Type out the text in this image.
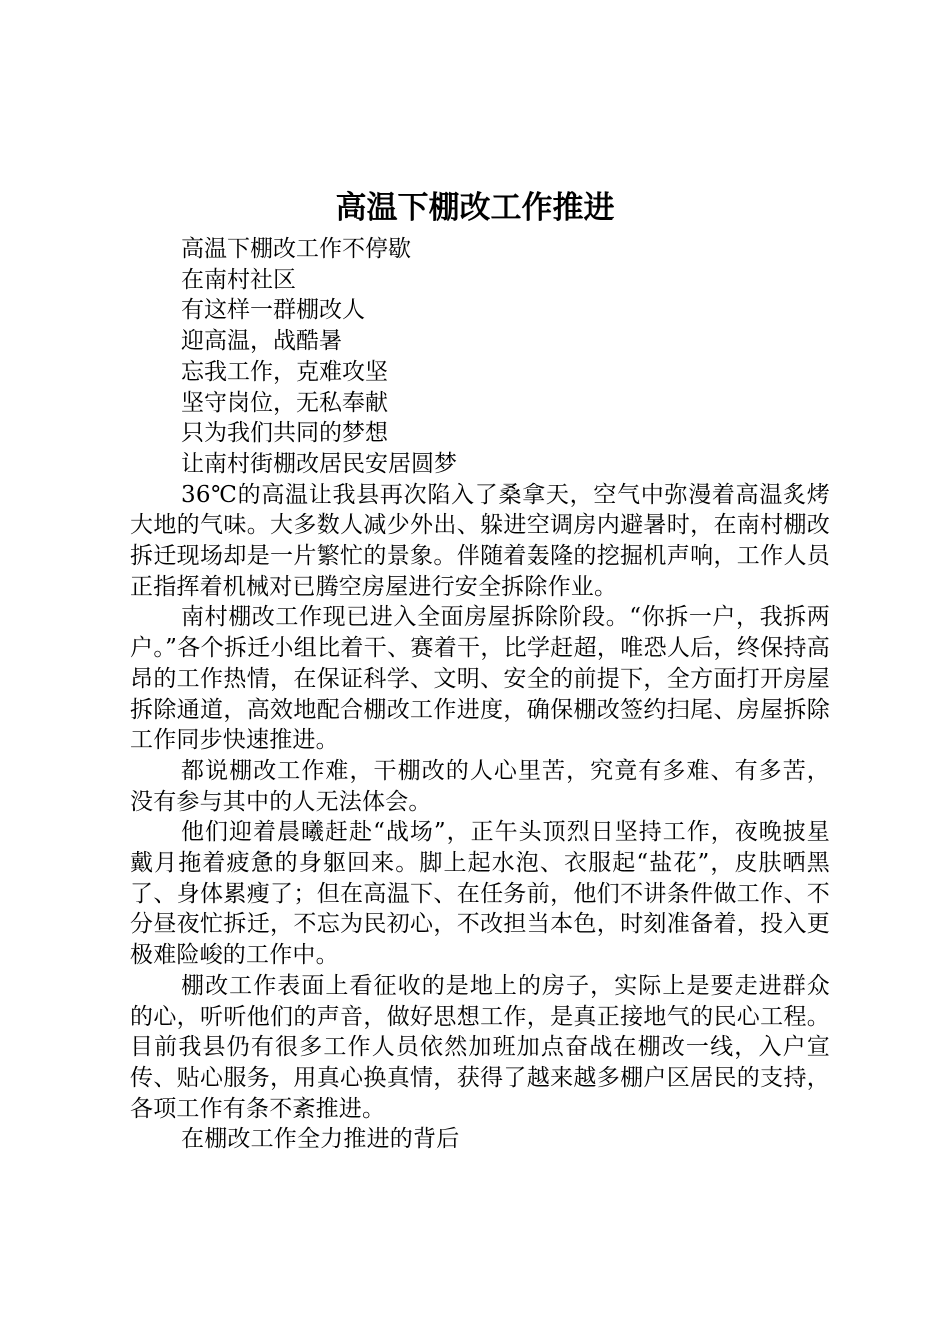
高温下棚改工作推进

高温下棚改工作不停歇

在南村社区

有这样一群棚改人

迎高温，战酷暑

忘我工作，克难攻坚

坚守岗位，无私奉献

只为我们共同的梦想

让南村街棚改居民安居圆梦

36℃的高温让我县再次陷入了桑拿天，空气中弥漫着高温炙烤大地的气味。大多数人减少外出、躲进空调房内避暑时，在南村棚改拆迁现场却是一片繁忙的景象。伴随着轰隆的挖掘机声响，工作人员正指挥着机械对已腾空房屋进行安全拆除作业。

南村棚改工作现已进入全面房屋拆除阶段。“你拆一户，我拆两户。”各个拆迁小组比着干、赛着干，比学赶超，唯恐人后，终保持高昂的工作热情，在保证科学、文明、安全的前提下，全方面打开房屋拆除通道，高效地配合棚改工作进度，确保棚改签约扫尾、房屋拆除工作同步快速推进。

都说棚改工作难，干棚改的人心里苦，究竟有多难、有多苦，没有参与其中的人无法体会。

他们迎着晨曦赶赴“战场”，正午头顶烈日坚持工作，夜晚披星戴月拖着疲惫的身躯回来。脚上起水泡、衣服起“盐花”，皮肤晒黑了、身体累瘦了；但在高温下、在任务前，他们不讲条件做工作、不分昼夜忙拆迁，不忘为民初心，不改担当本色，时刻准备着，投入更极难险峻的工作中。

棚改工作表面上看征收的是地上的房子，实际上是要走进群众的心，听听他们的声音，做好思想工作，是真正接地气的民心工程。目前我县仍有很多工作人员依然加班加点奋战在棚改一线，入户宣传、贴心服务，用真心换真情，获得了越来越多棚户区居民的支持，各项工作有条不紊推进。

在棚改工作全力推进的背后
